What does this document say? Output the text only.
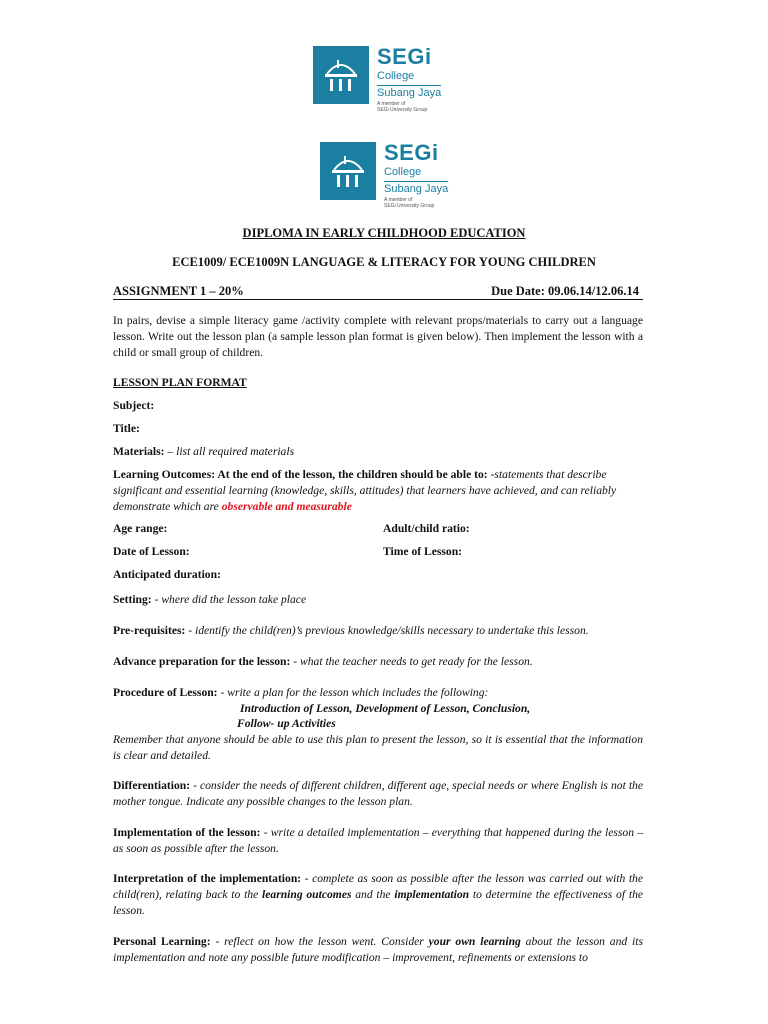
SEGi
College
Subang Jaya
A member of
SEGi University Group
SEGi
College
Subang Jaya
A member of
SEGi University Group
DIPLOMA IN EARLY CHILDHOOD EDUCATION
ECE1009/ ECE1009N LANGUAGE & LITERACY FOR YOUNG CHILDREN
ASSIGNMENT 1 – 20%	Due Date: 09.06.14/12.06.14
In pairs, devise a simple literacy game /activity complete with relevant props/materials to carry out a language lesson. Write out the lesson plan (a sample lesson plan format is given below). Then implement the lesson with a child or small group of children.
LESSON PLAN FORMAT
Subject:
Title:
Materials: – list all required materials
Learning Outcomes: At the end of the lesson, the children should be able to: -statements that describe significant and essential learning (knowledge, skills, attitudes) that learners have achieved, and can reliably demonstrate which are observable and measurable
Age range:	Adult/child ratio:
Date of Lesson:	Time of Lesson:
Anticipated duration:
Setting: - where did the lesson take place
Pre-requisites: - identify the child(ren)’s previous knowledge/skills necessary to undertake this lesson.
Advance preparation for the lesson: - what the teacher needs to get ready for the lesson.
Procedure of Lesson: - write a plan for the lesson which includes the following:
Introduction of Lesson, Development of Lesson, Conclusion,
Follow- up Activities
Remember that anyone should be able to use this plan to present the lesson, so it is essential that the information is clear and detailed.
Differentiation: - consider the needs of different children, different age, special needs or where English is not the mother tongue. Indicate any possible changes to the lesson plan.
Implementation of the lesson: - write a detailed implementation – everything that happened during the lesson – as soon as possible after the lesson.
Interpretation of the implementation: - complete as soon as possible after the lesson was carried out with the child(ren), relating back to the learning outcomes and the implementation to determine the effectiveness of the lesson.
Personal Learning: - reflect on how the lesson went. Consider your own learning about the lesson and its implementation and note any possible future modification – improvement, refinements or extensions to
